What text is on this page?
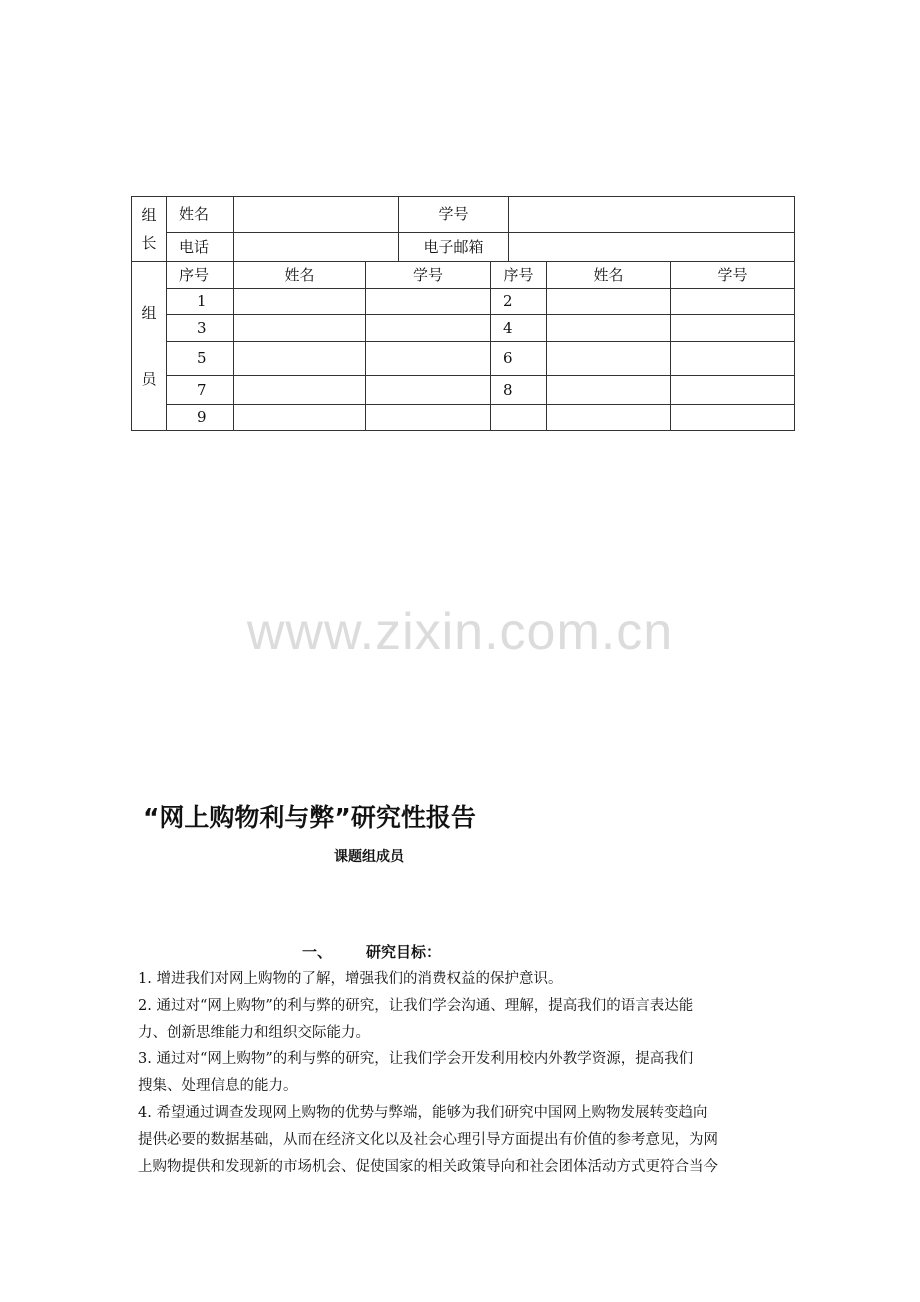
组
长	姓名		学号	
	电话		电子邮箱	
组
员	序号	姓名	学号	序号	姓名	学号
	1			2		
	3			4		
	5			6		
	7			8		
	9					
www.zixin.com.cn
“网上购物利与弊”研究性报告
课题组成员
一、 研究目标：

1. 增进我们对网上购物的了解，增强我们的消费权益的保护意识。

2. 通过对“网上购物”的利与弊的研究，让我们学会沟通、理解，提高我们的语言表达能

力、创新思维能力和组织交际能力。

3. 通过对“网上购物”的利与弊的研究，让我们学会开发利用校内外教学资源，提高我们

搜集、处理信息的能力。

4. 希望通过调查发现网上购物的优势与弊端，能够为我们研究中国网上购物发展转变趋向

提供必要的数据基础，从而在经济文化以及社会心理引导方面提出有价值的参考意见，为网

上购物提供和发现新的市场机会、促使国家的相关政策导向和社会团体活动方式更符合当今
